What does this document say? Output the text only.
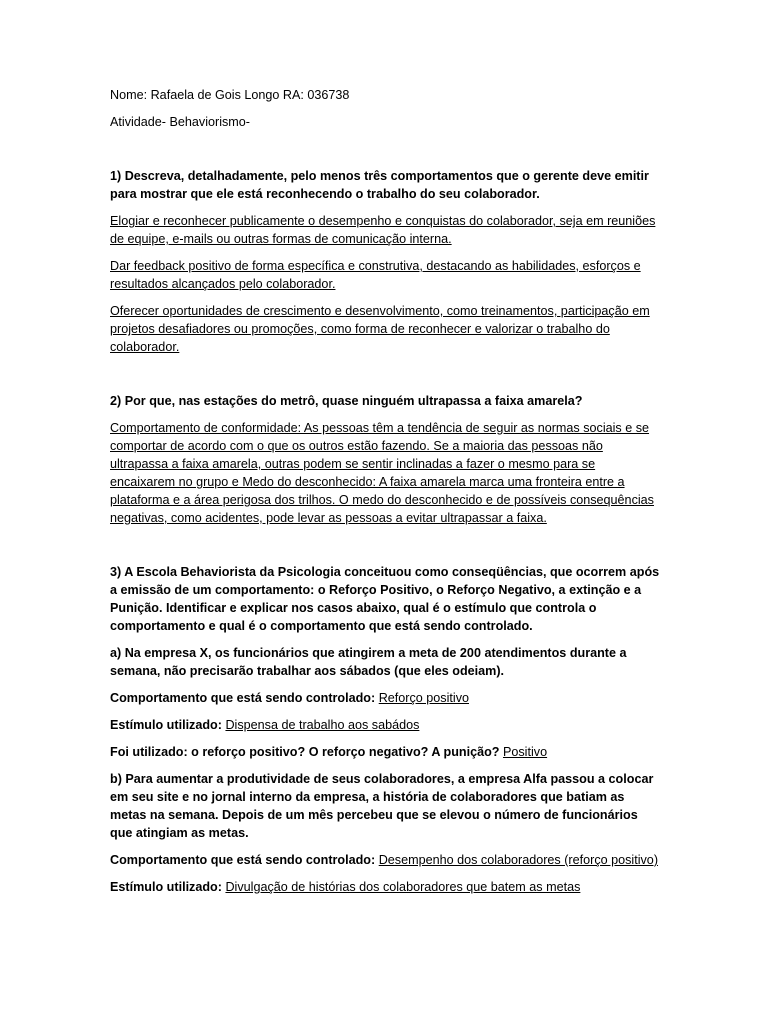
Nome: Rafaela de Gois Longo RA: 036738

Atividade- Behaviorismo-

1) Descreva, detalhadamente, pelo menos três comportamentos que o gerente deve emitir para mostrar que ele está reconhecendo o trabalho do seu colaborador.

Elogiar e reconhecer publicamente o desempenho e conquistas do colaborador, seja em reuniões de equipe, e-mails ou outras formas de comunicação interna.

Dar feedback positivo de forma específica e construtiva, destacando as habilidades, esforços e resultados alcançados pelo colaborador.

Oferecer oportunidades de crescimento e desenvolvimento, como treinamentos, participação em projetos desafiadores ou promoções, como forma de reconhecer e valorizar o trabalho do colaborador.

2) Por que, nas estações do metrô, quase ninguém ultrapassa a faixa amarela?

Comportamento de conformidade: As pessoas têm a tendência de seguir as normas sociais e se comportar de acordo com o que os outros estão fazendo. Se a maioria das pessoas não ultrapassa a faixa amarela, outras podem se sentir inclinadas a fazer o mesmo para se encaixarem no grupo e Medo do desconhecido: A faixa amarela marca uma fronteira entre a plataforma e a área perigosa dos trilhos. O medo do desconhecido e de possíveis consequências negativas, como acidentes, pode levar as pessoas a evitar ultrapassar a faixa.

3) A Escola Behaviorista da Psicologia conceituou como conseqüências, que ocorrem após a emissão de um comportamento: o Reforço Positivo, o Reforço Negativo, a extinção e a Punição. Identificar e explicar nos casos abaixo, qual é o estímulo que controla o comportamento e qual é o comportamento que está sendo controlado.

a) Na empresa X, os funcionários que atingirem a meta de 200 atendimentos durante a semana, não precisarão trabalhar aos sábados (que eles odeiam).

Comportamento que está sendo controlado: Reforço positivo

Estímulo utilizado: Dispensa de trabalho aos sabádos

Foi utilizado: o reforço positivo? O reforço negativo? A punição? Positivo

b) Para aumentar a produtividade de seus colaboradores, a empresa Alfa passou a colocar em seu site e no jornal interno da empresa, a história de colaboradores que batiam as metas na semana. Depois de um mês percebeu que se elevou o número de funcionários que atingiam as metas.

Comportamento que está sendo controlado: Desempenho dos colaboradores (reforço positivo)

Estímulo utilizado: Divulgação de histórias dos colaboradores que batem as metas
